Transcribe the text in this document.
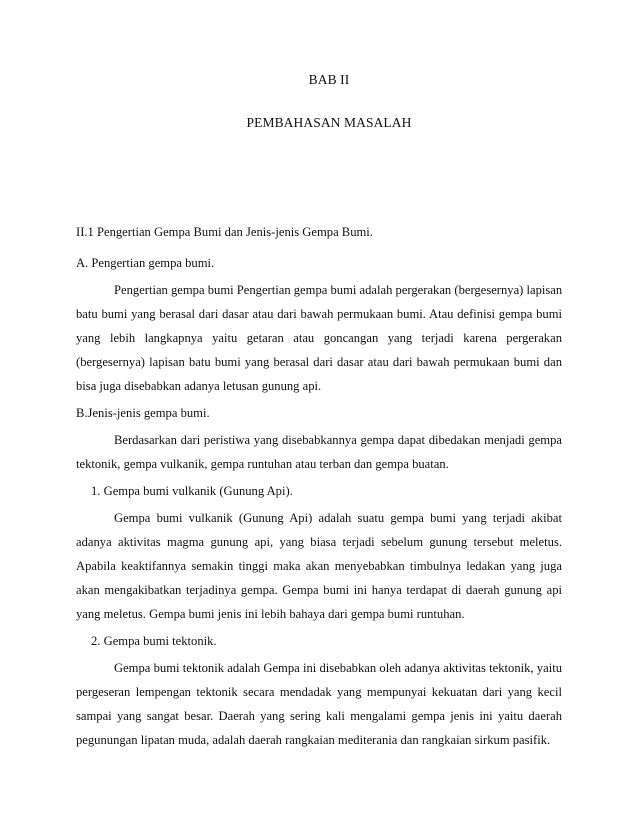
BAB II
PEMBAHASAN MASALAH
II.1 Pengertian Gempa Bumi dan Jenis-jenis Gempa Bumi.
A. Pengertian gempa bumi.
Pengertian gempa bumi Pengertian gempa bumi adalah pergerakan (bergesernya) lapisan
batu bumi yang berasal dari dasar atau dari bawah permukaan bumi. Atau definisi gempa bumi
yang lebih langkapnya yaitu getaran atau goncangan yang terjadi karena pergerakan
(bergesernya) lapisan batu bumi yang berasal dari dasar atau dari bawah permukaan bumi dan
bisa juga disebabkan adanya letusan gunung api.
B.Jenis-jenis gempa bumi.
Berdasarkan dari peristiwa yang disebabkannya gempa dapat dibedakan menjadi gempa
tektonik, gempa vulkanik, gempa runtuhan atau terban dan gempa buatan.
1. Gempa bumi vulkanik (Gunung Api).
Gempa bumi vulkanik (Gunung Api) adalah suatu gempa bumi yang terjadi akibat
adanya aktivitas magma gunung api, yang biasa terjadi sebelum gunung tersebut meletus.
Apabila keaktifannya semakin tinggi maka akan menyebabkan timbulnya ledakan yang juga
akan mengakibatkan terjadinya gempa. Gempa bumi ini hanya terdapat di daerah gunung api
yang meletus. Gempa bumi jenis ini lebih bahaya dari gempa bumi runtuhan.
2. Gempa bumi tektonik.
Gempa bumi tektonik adalah Gempa ini disebabkan oleh adanya aktivitas tektonik, yaitu
pergeseran lempengan tektonik secara mendadak yang mempunyai kekuatan dari yang kecil
sampai yang sangat besar. Daerah yang sering kali mengalami gempa jenis ini yaitu daerah
pegunungan lipatan muda, adalah daerah rangkaian mediterania dan rangkaian sirkum pasifik.
